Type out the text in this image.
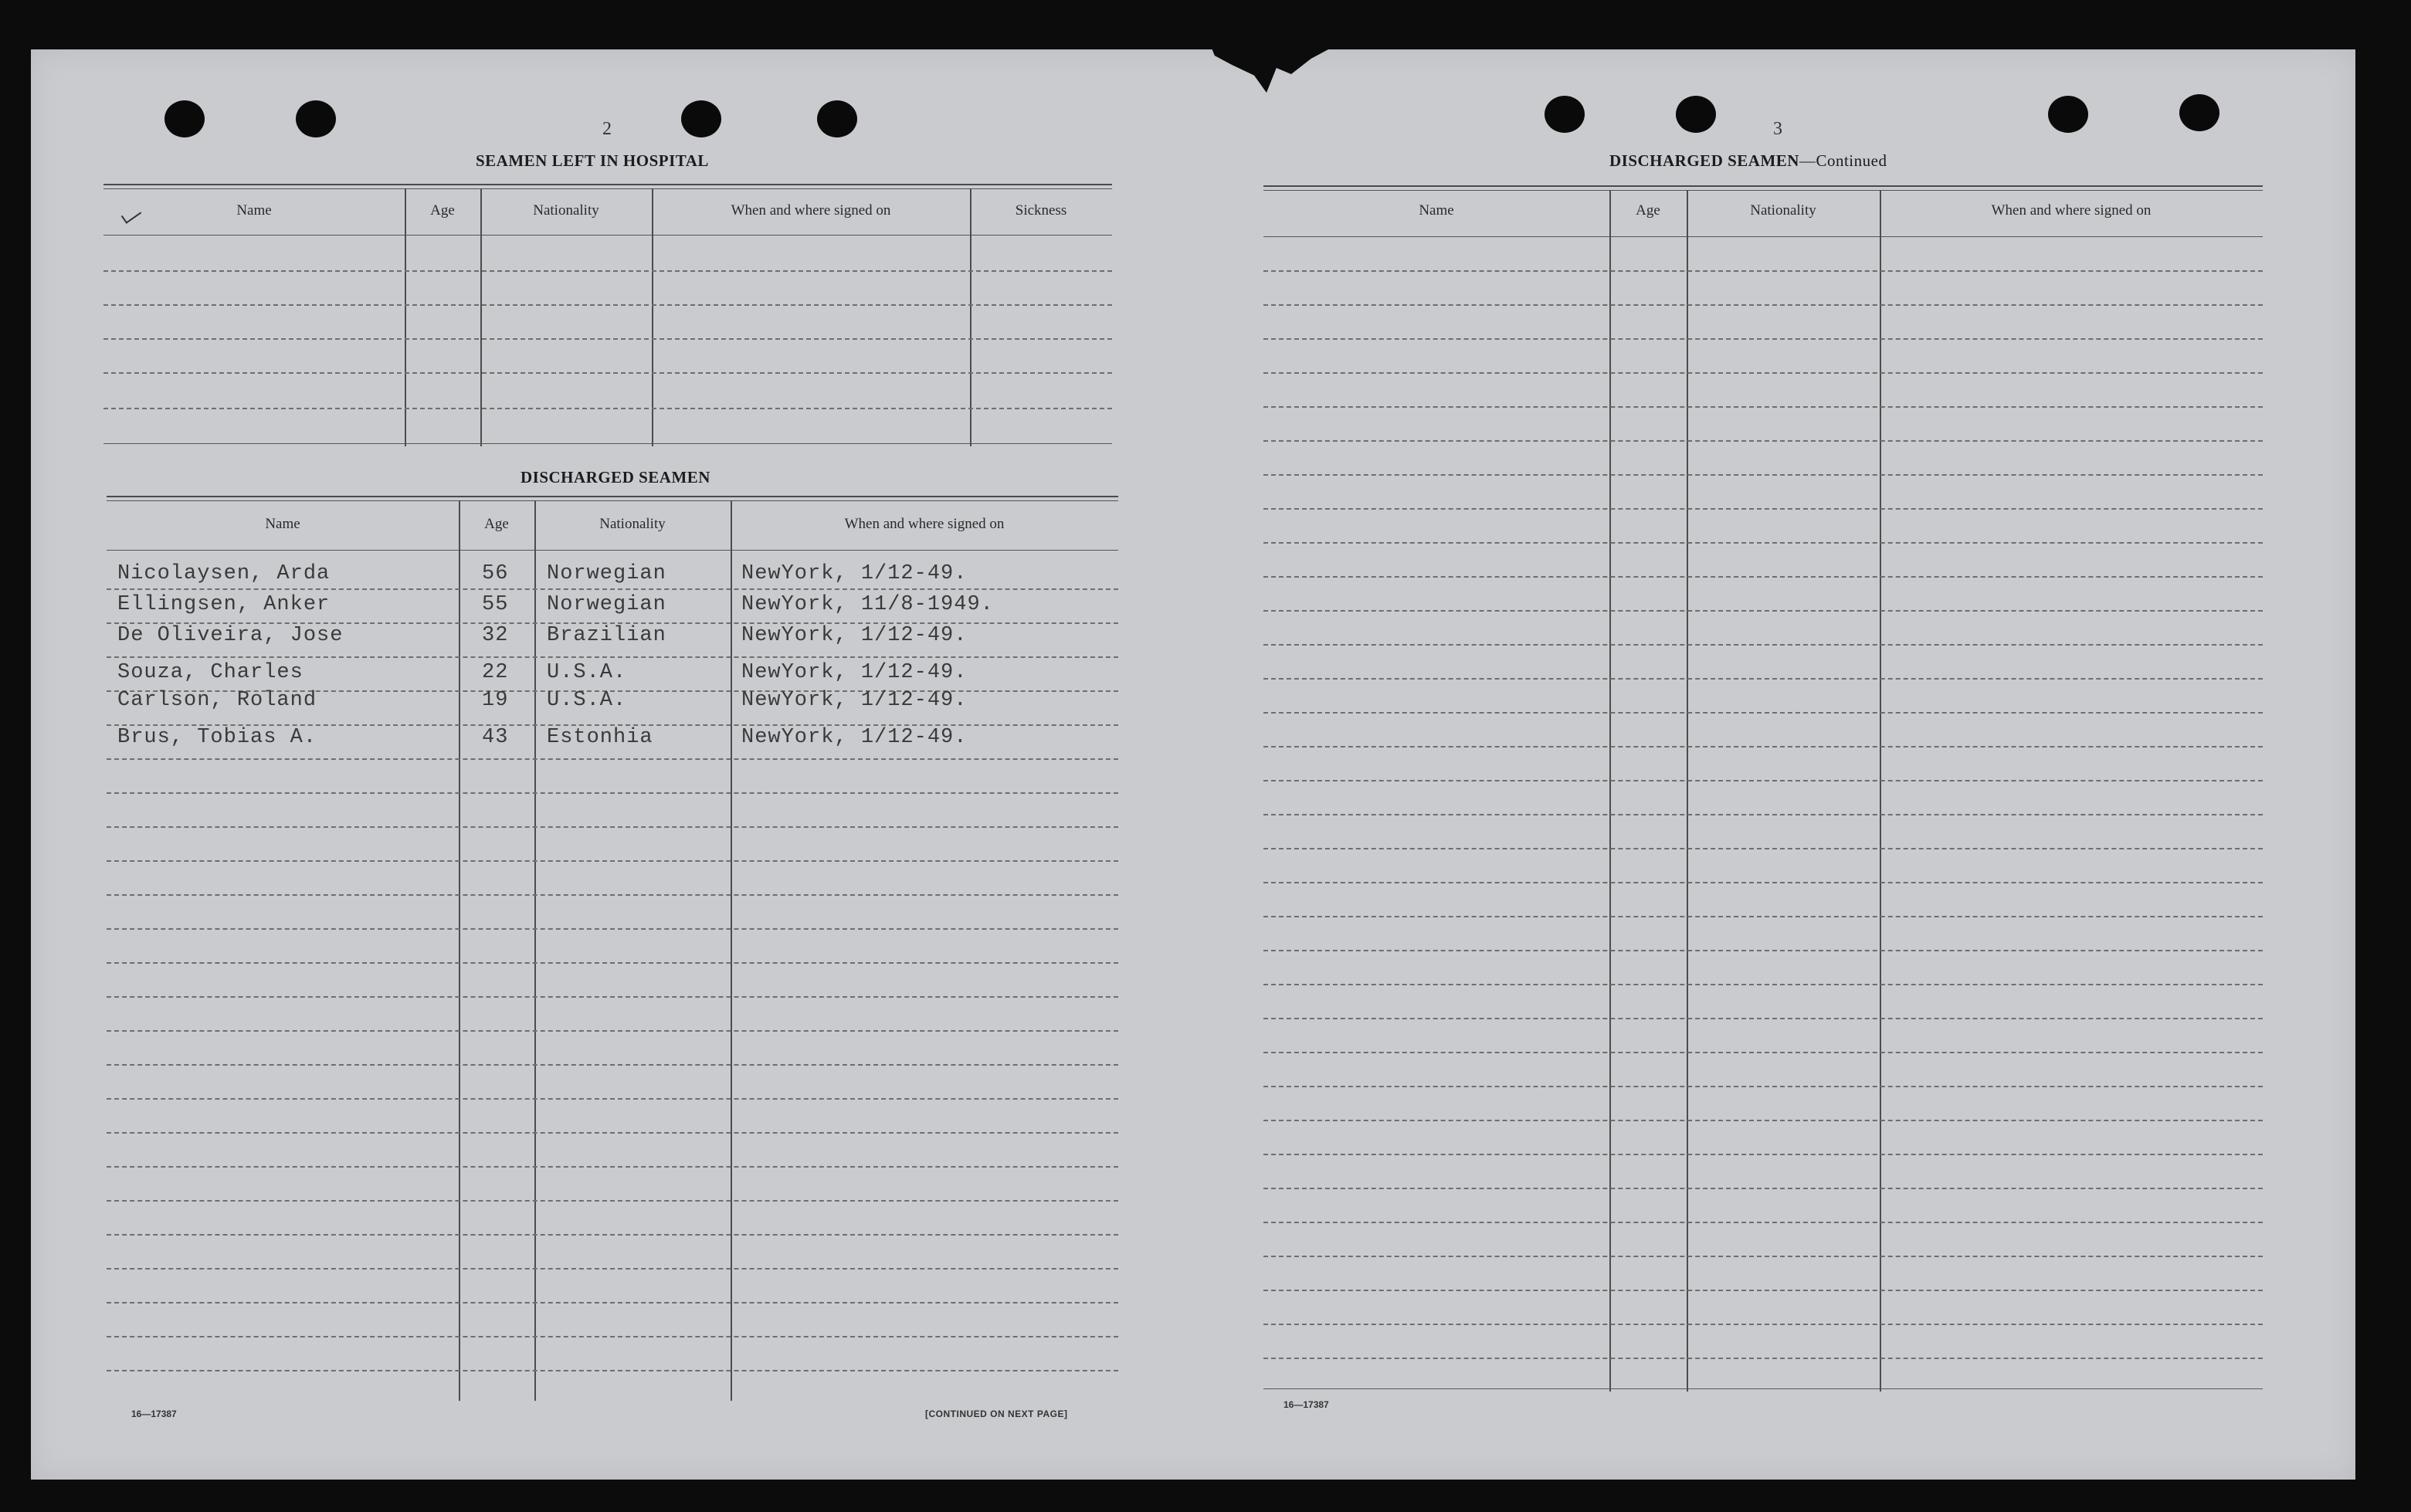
2
SEAMEN LEFT IN HOSPITAL
Name	Age	Nationality	When and where signed on	Sickness
DISCHARGED SEAMEN
Name	Age	Nationality	When and where signed on
Nicolaysen, Arda	56 Norwegian	NewYork, 1/12-49.
Ellingsen, Anker	55 Norwegian	NewYork, 11/8-1949.
De Oliveira, Jose	32 Brazilian	NewYork, 1/12-49.
Souza, Charles	22 U.S.A.	NewYork, 1/12-49.
Carlson, Roland	19 U.S.A.	NewYork, 1/12-49.
Brus, Tobias A.	43 Estonhia	NewYork, 1/12-49.
16—17387	[CONTINUED ON NEXT PAGE]
3
DISCHARGED SEAMEN—Continued
Name	Age	Nationality	When and where signed on
16—17387
